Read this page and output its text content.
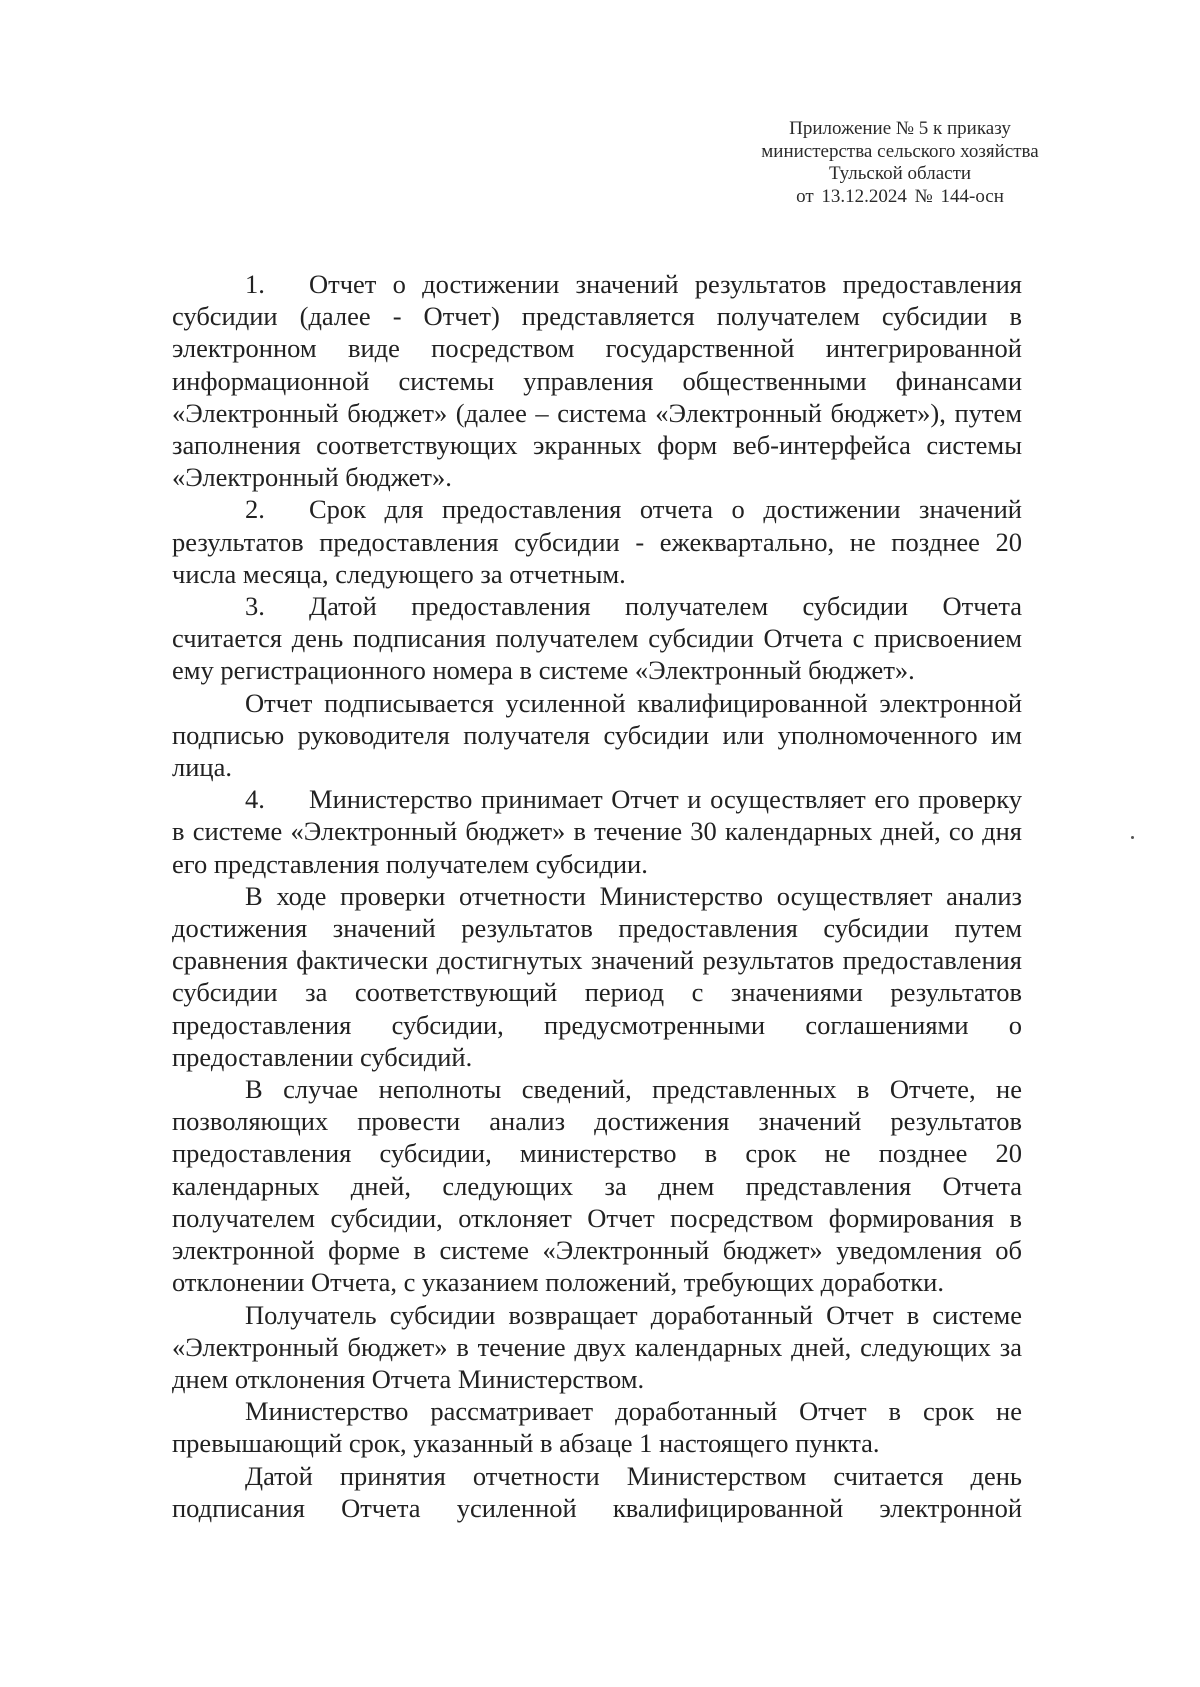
Приложение № 5 к приказу
министерства сельского хозяйства
Тульской области
от 13.12.2024 № 144-осн

1. Отчет о достижении значений результатов предоставления субсидии (далее - Отчет) представляется получателем субсидии в электронном виде посредством государственной интегрированной информационной системы управления общественными финансами «Электронный бюджет» (далее – система «Электронный бюджет»), путем заполнения соответствующих экранных форм веб-интерфейса системы «Электронный бюджет».

2. Срок для предоставления отчета о достижении значений результатов предоставления субсидии - ежеквартально, не позднее 20 числа месяца, следующего за отчетным.

3. Датой предоставления получателем субсидии Отчета считается день подписания получателем субсидии Отчета с присвоением ему регистрационного номера в системе «Электронный бюджет».

Отчет подписывается усиленной квалифицированной электронной подписью руководителя получателя субсидии или уполномоченного им лица.

4. Министерство принимает Отчет и осуществляет его проверку в системе «Электронный бюджет» в течение 30 календарных дней, со дня его представления получателем субсидии.

В ходе проверки отчетности Министерство осуществляет анализ достижения значений результатов предоставления субсидии путем сравнения фактически достигнутых значений результатов предоставления субсидии за соответствующий период с значениями результатов предоставления субсидии, предусмотренными соглашениями о предоставлении субсидий.

В случае неполноты сведений, представленных в Отчете, не позволяющих провести анализ достижения значений результатов предоставления субсидии, министерство в срок не позднее 20 календарных дней, следующих за днем представления Отчета получателем субсидии, отклоняет Отчет посредством формирования в электронной форме в системе «Электронный бюджет» уведомления об отклонении Отчета, с указанием положений, требующих доработки.

Получатель субсидии возвращает доработанный Отчет в системе «Электронный бюджет» в течение двух календарных дней, следующих за днем отклонения Отчета Министерством.

Министерство рассматривает доработанный Отчет в срок не превышающий срок, указанный в абзаце 1 настоящего пункта.

Датой принятия отчетности Министерством считается день подписания Отчета усиленной квалифицированной электронной
